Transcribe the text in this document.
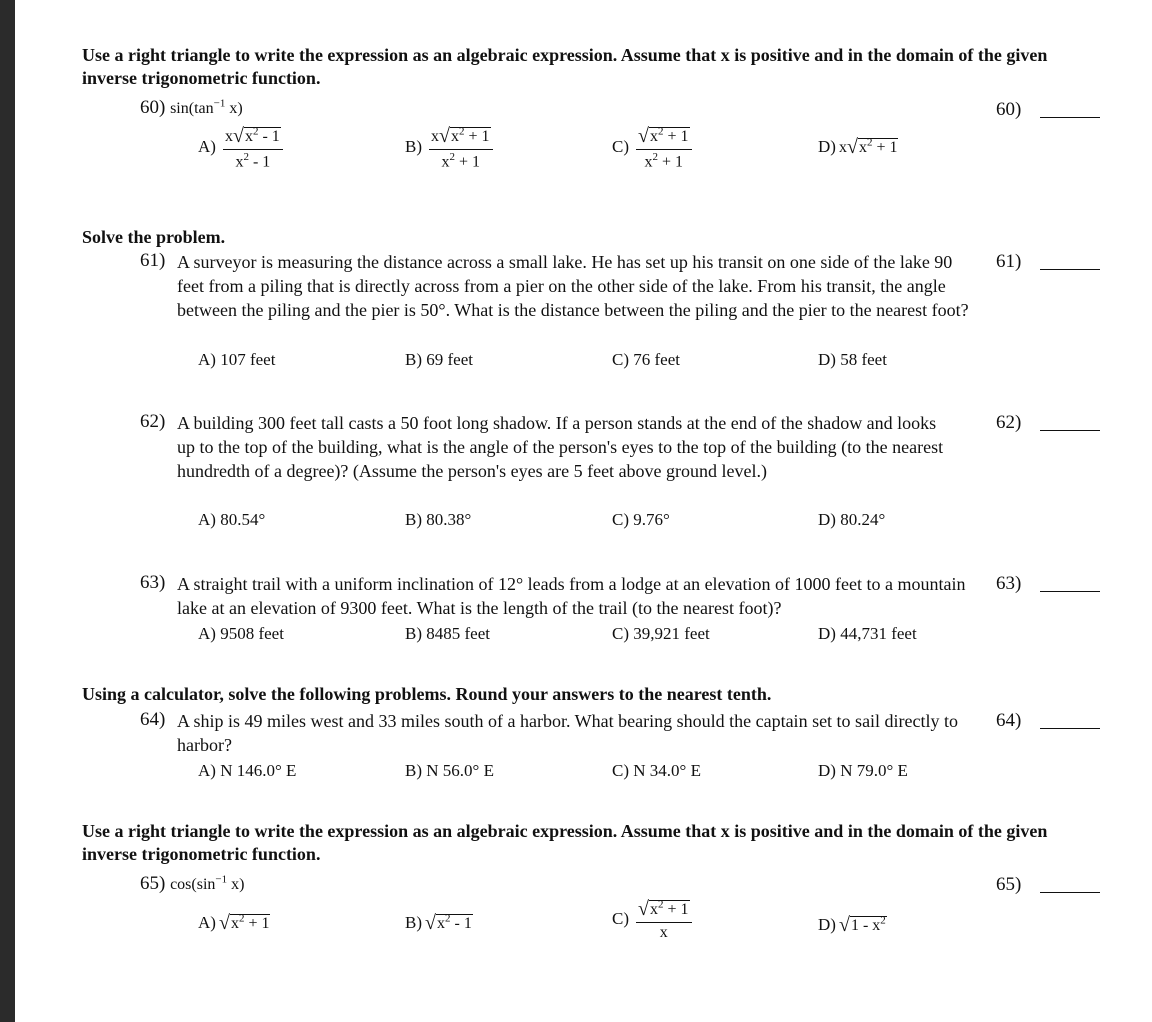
Use a right triangle to write the expression as an algebraic expression. Assume that x is positive and in the domain of the given inverse trigonometric function.
60) $\sin(\tan^{-1}$ x)	60)
$A) \frac{x√x^2 - 1}{x^2 - 1}$	$B) \frac{x√x^2 + 1}{x^2 + 1}$	$C) \frac{√x^2 + 1}{x^2 + 1}$	D) $x√x^2 + 1$
Solve the problem.
61) A surveyor is measuring the distance across a small lake. He has set up his transit on one side of the lake 90 feet from a piling that is directly across from a pier on the other side of the lake. From his transit, the angle between the piling and the pier is 50°. What is the distance between the piling and the pier to the nearest foot?
61)
A) 107 feet	B) 69 feet	C) 76 feet	D) 58 feet
62) A building 300 feet tall casts a 50 foot long shadow. If a person stands at the end of the shadow and looks up to the top of the building, what is the angle of the person's eyes to the top of the building (to the nearest hundredth of a degree)? (Assume the person's eyes are 5 feet above ground level.)
62)
A) 80.54°	B) 80.38°	C) 9.76°	D) 80.24°
63) A straight trail with a uniform inclination of 12° leads from a lodge at an elevation of 1000 feet to a mountain lake at an elevation of 9300 feet. What is the length of the trail (to the nearest foot)?
63)
A) 9508 feet	B) 8485 feet	C) 39,921 feet	D) 44,731 feet
Using a calculator, solve the following problems. Round your answers to the nearest tenth.
64) A ship is 49 miles west and 33 miles south of a harbor. What bearing should the captain set to sail directly to harbor?
64)
A) N 146.0° E	B) N 56.0° E	C) N 34.0° E	D) N 79.0° E
Use a right triangle to write the expression as an algebraic expression. Assume that x is positive and in the domain of the given inverse trigonometric function.
65) $\cos(\sin^{-1}$ x)	65)
A) $√x^2 + 1$	B) $√x^2 - 1$	$C) \frac{√x^2 + 1}{x}$	D) $√1 - x^2$
